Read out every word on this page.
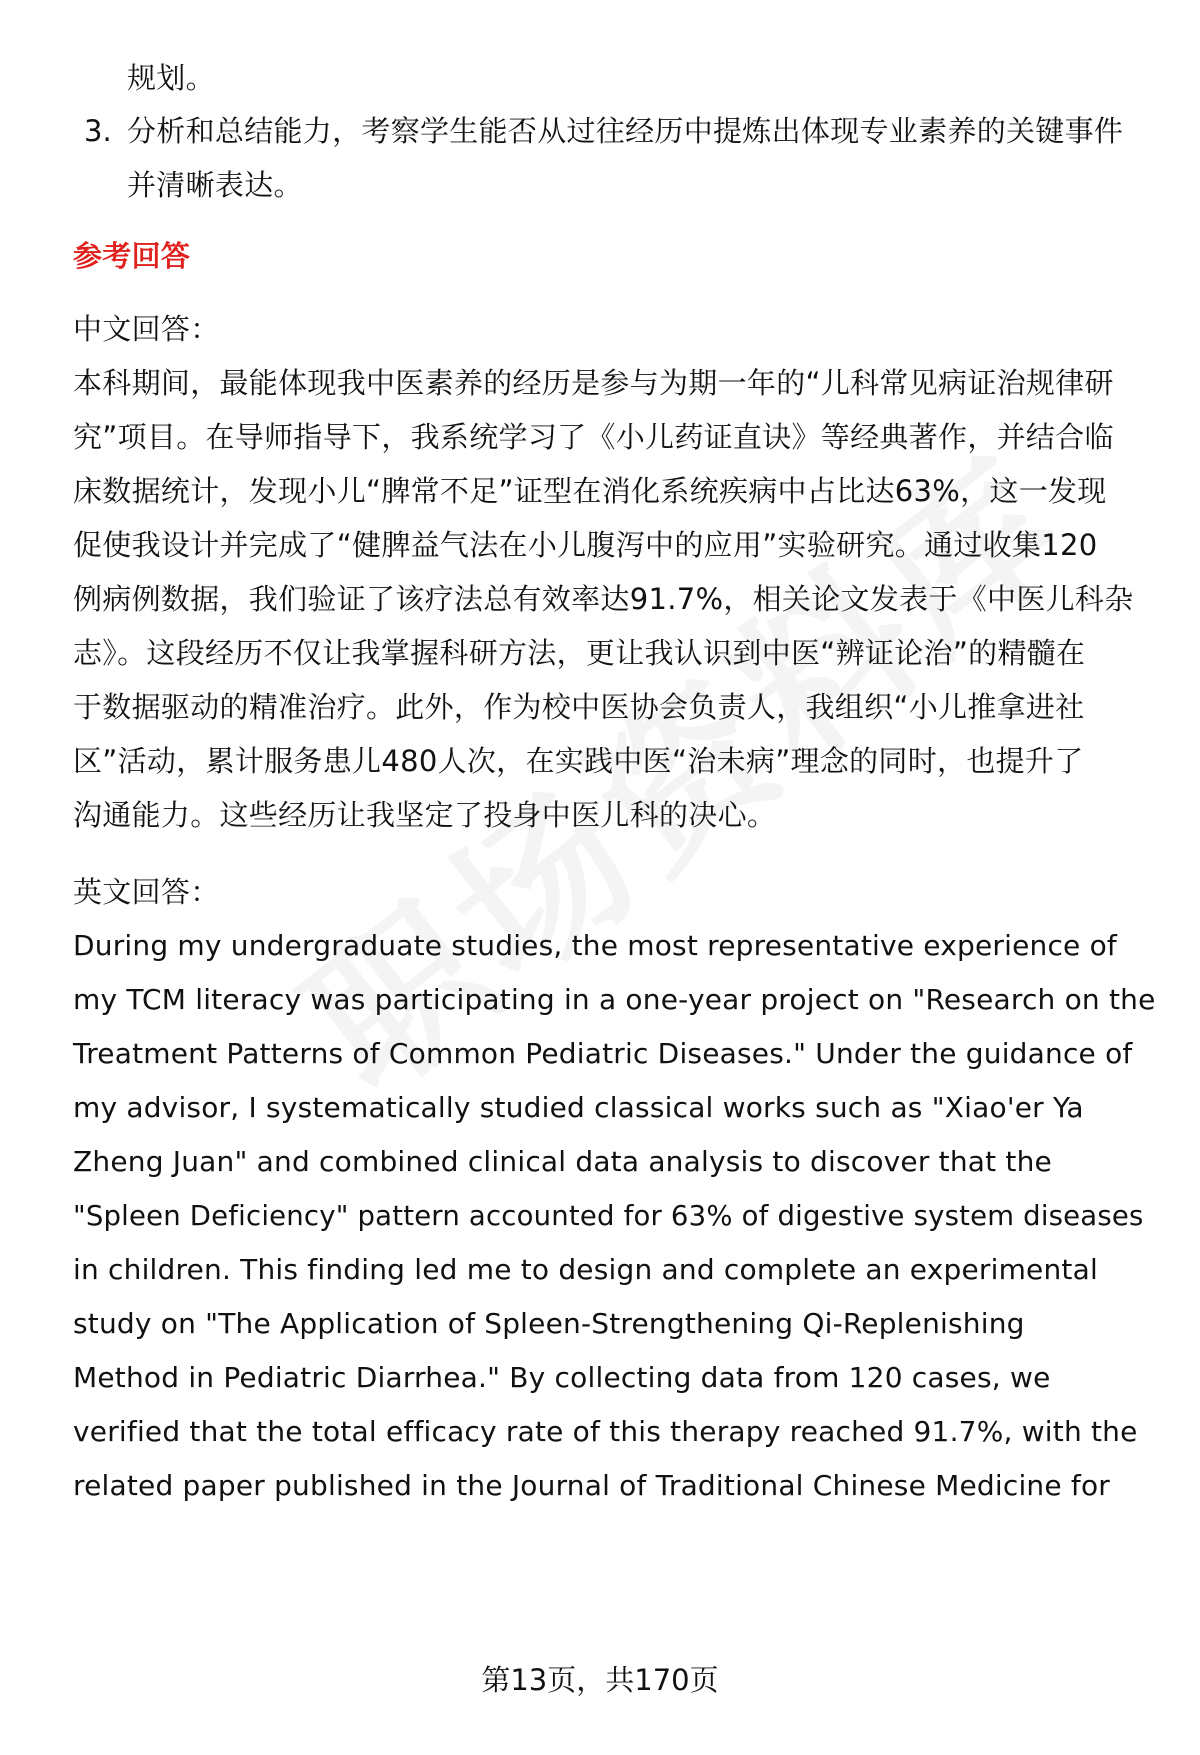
规划。

3. 分析和总结能力，考察学生能否从过往经历中提炼出体现专业素养的关键事件

并清晰表达。

参考回答

中文回答：

本科期间，最能体现我中医素养的经历是参与为期一年的“儿科常见病证治规律研

究”项目。在导师指导下，我系统学习了《小儿药证直诀》等经典著作，并结合临

床数据统计，发现小儿“脾常不足”证型在消化系统疾病中占比达63%，这一发现

促使我设计并完成了“健脾益气法在小儿腹泻中的应用”实验研究。通过收集120

例病例数据，我们验证了该疗法总有效率达91.7%，相关论文发表于《中医儿科杂

志》。这段经历不仅让我掌握科研方法，更让我认识到中医“辨证论治”的精髓在

于数据驱动的精准治疗。此外，作为校中医协会负责人，我组织“小儿推拿进社

区”活动，累计服务患儿480人次，在实践中医“治未病”理念的同时，也提升了

沟通能力。这些经历让我坚定了投身中医儿科的决心。

英文回答：

During my undergraduate studies, the most representative experience of

my TCM literacy was participating in a one-year project on "Research on the

Treatment Patterns of Common Pediatric Diseases." Under the guidance of

my advisor, I systematically studied classical works such as "Xiao'er Ya

Zheng Juan" and combined clinical data analysis to discover that the

"Spleen Deficiency" pattern accounted for 63% of digestive system diseases

in children. This finding led me to design and complete an experimental

study on "The Application of Spleen-Strengthening Qi-Replenishing

Method in Pediatric Diarrhea." By collecting data from 120 cases, we

verified that the total efficacy rate of this therapy reached 91.7%, with the

related paper published in the Journal of Traditional Chinese Medicine for

第13页，共170页
